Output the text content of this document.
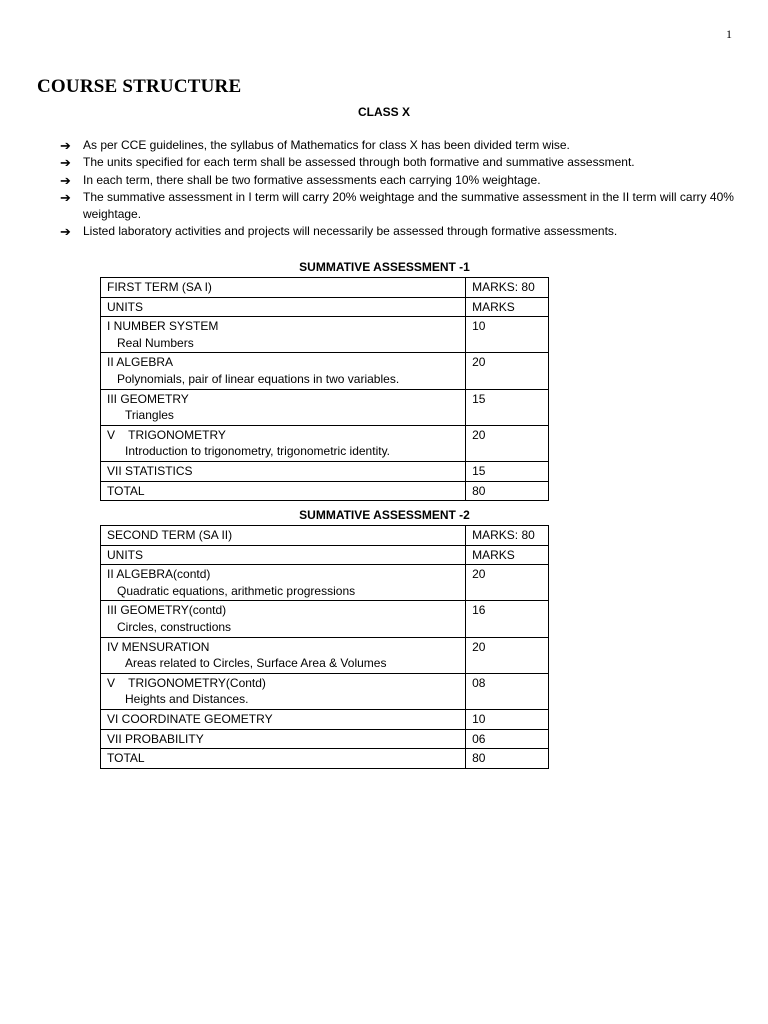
1
COURSE STRUCTURE
CLASS X
➔ As per CCE guidelines, the syllabus of Mathematics for class X has been divided term wise.
➔ The units specified for each term shall be assessed through both formative and summative assessment.
➔ In each term, there shall be two formative assessments each carrying 10% weightage.
➔ The summative assessment in I term will carry 20% weightage and the summative assessment in the II term will carry 40% weightage.
➔ Listed laboratory activities and projects will necessarily be assessed through formative assessments.
SUMMATIVE ASSESSMENT -1
FIRST TERM (SA I)	MARKS: 80
UNITS	MARKS
I NUMBER SYSTEM
Real Numbers	10
II ALGEBRA
Polynomials, pair of linear equations in two variables.	20
III GEOMETRY
Triangles	15
V    TRIGONOMETRY
Introduction to trigonometry, trigonometric identity.	20
VII STATISTICS	15
TOTAL	80
SUMMATIVE ASSESSMENT -2
SECOND TERM (SA II)	MARKS: 80
UNITS	MARKS
II ALGEBRA(contd)
Quadratic equations, arithmetic progressions	20
III GEOMETRY(contd)
Circles, constructions	16
IV MENSURATION
Areas related to Circles, Surface Area & Volumes	20
V    TRIGONOMETRY(Contd)
Heights and Distances.	08
VI COORDINATE GEOMETRY	10
VII PROBABILITY	06
TOTAL	80
